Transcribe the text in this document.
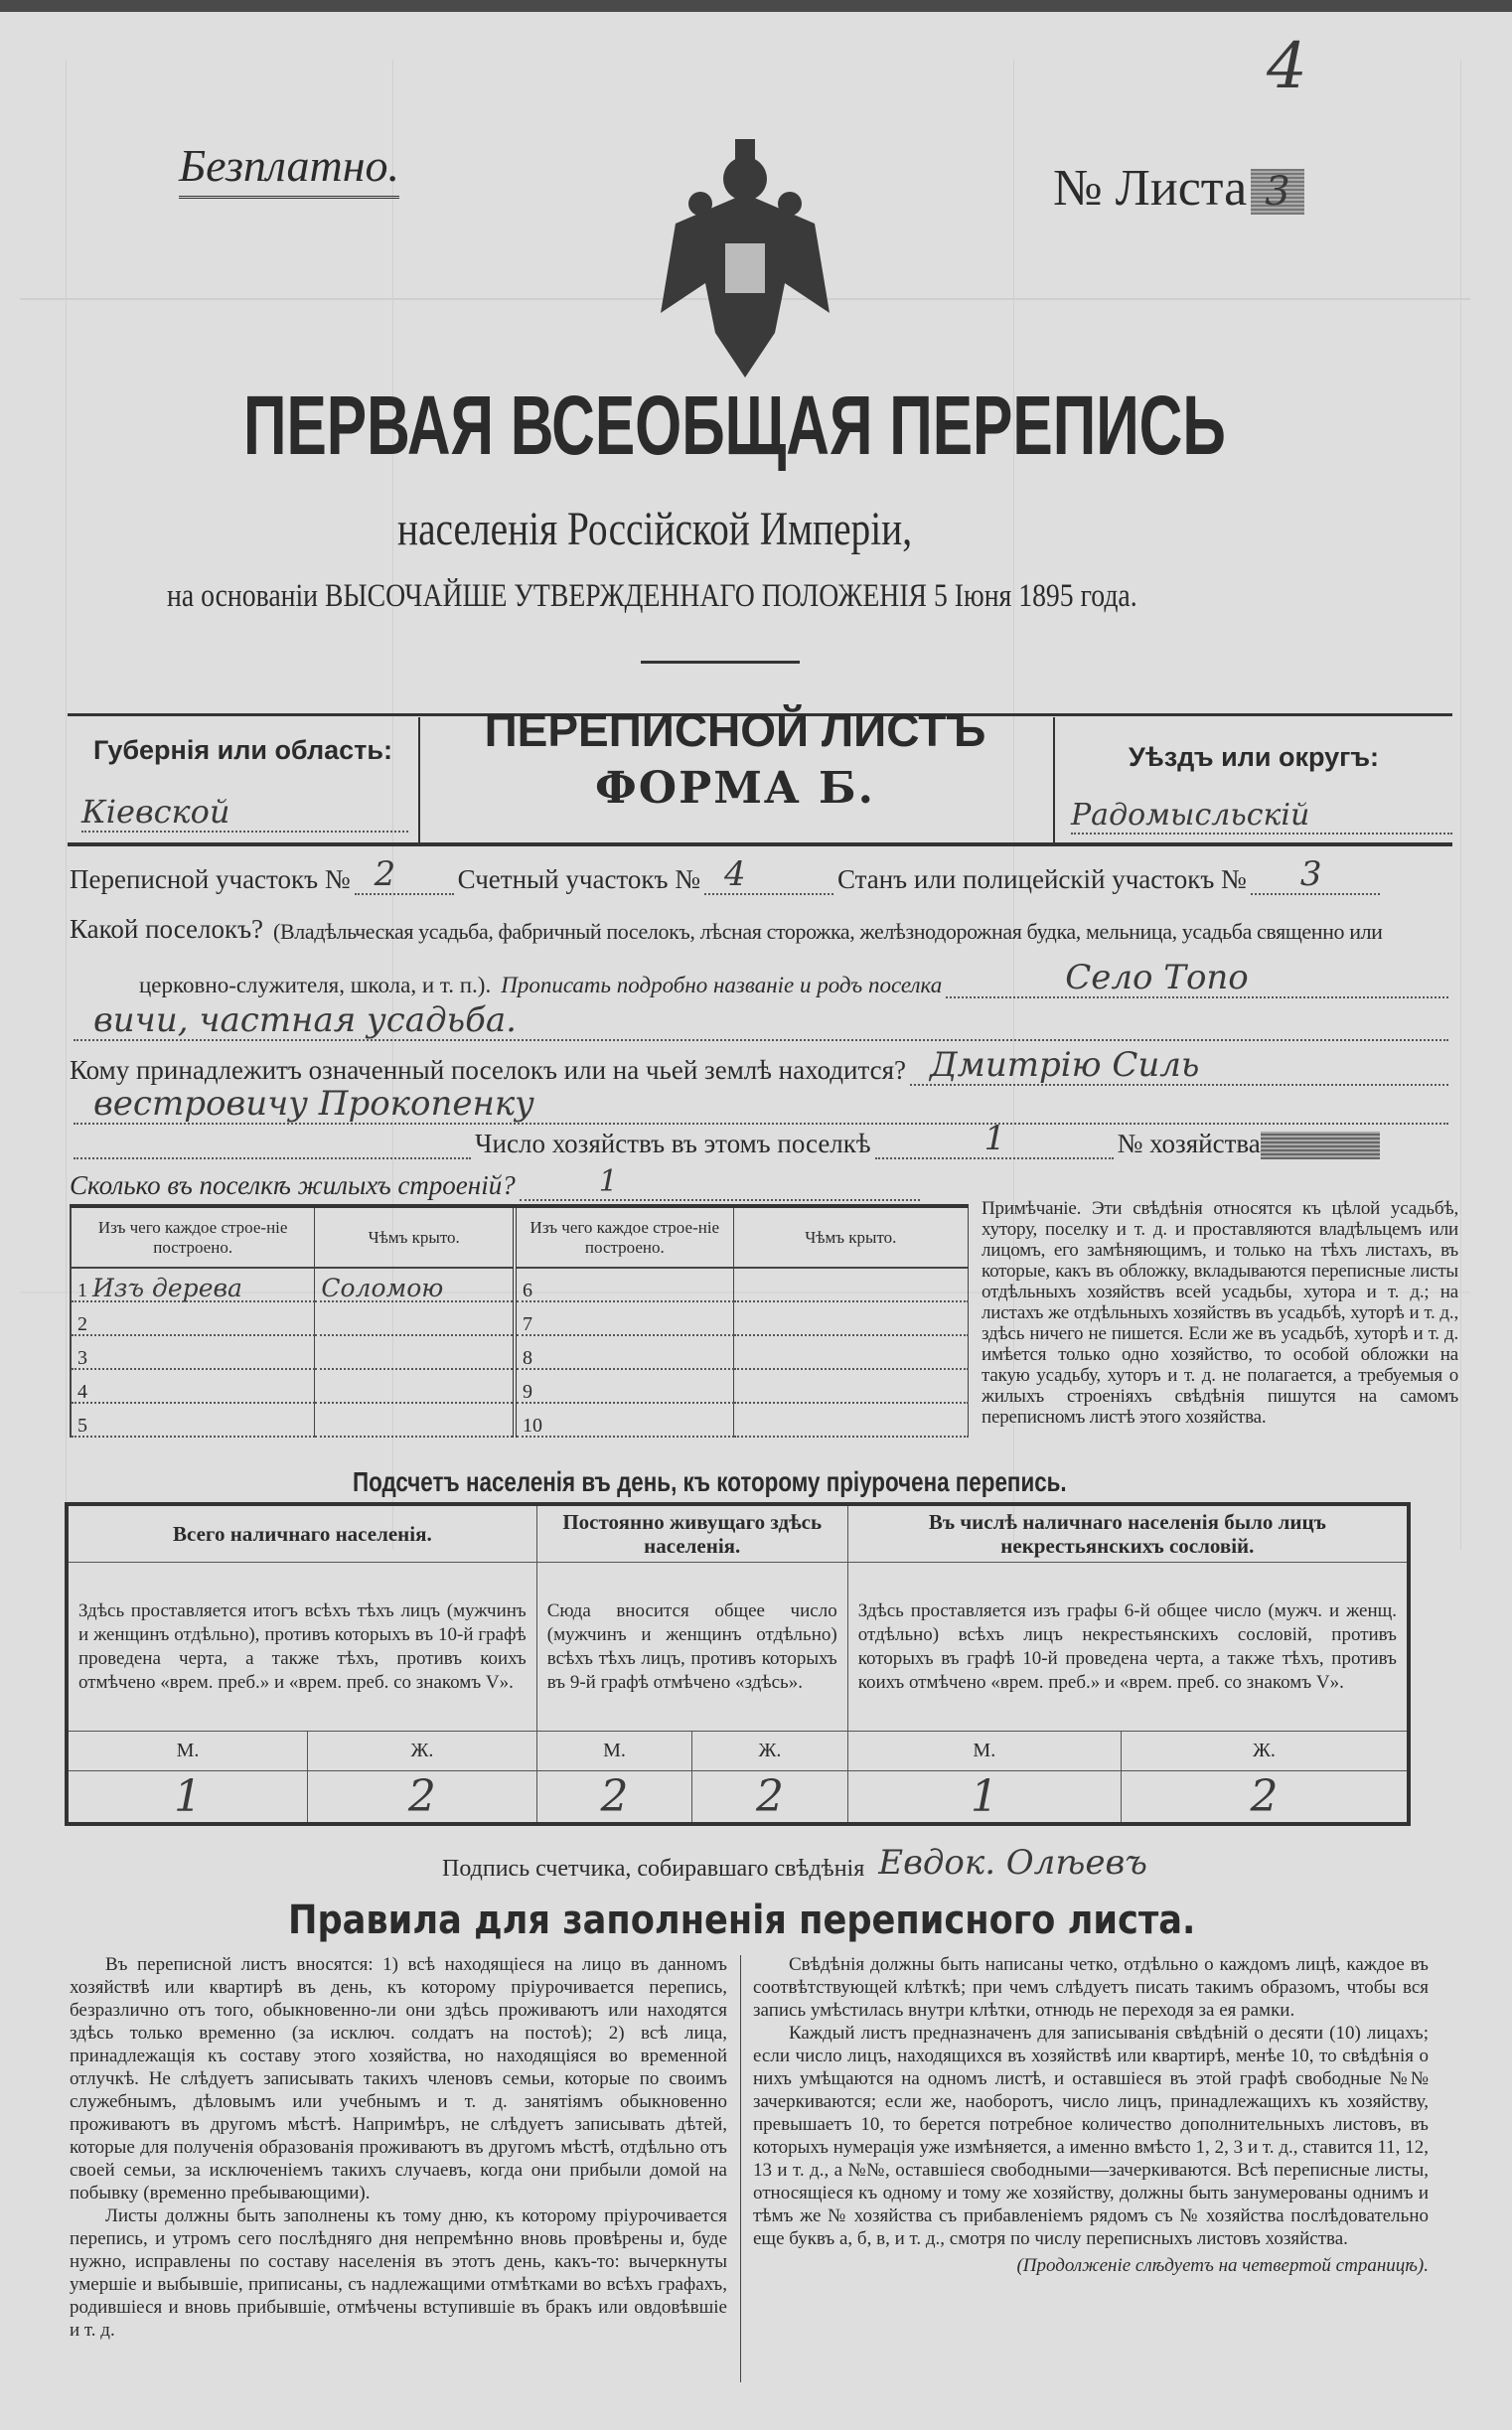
4
Безплатно.	№ Листа 3
ПЕРВАЯ ВСЕОБЩАЯ ПЕРЕПИСЬ
населенія Россійской Имперіи,
на основаніи ВЫСОЧАЙШЕ УТВЕРЖДЕННАГО ПОЛОЖЕНІЯ 5 Іюня 1895 года.
Губернія или область:
Кіевской
ПЕРЕПИСНОЙ ЛИСТЪ
ФОРМА Б.
Уѣздъ или округъ:
Радомысльскій
Переписной участокъ № 2 Счетный участокъ № 4	Станъ или полицейскій участокъ № 3
Какой поселокъ? (Владѣльческая усадьба, фабричный поселокъ, лѣсная сторожка, желѣзнодорожная будка, мельница, усадьба священно или
церковно-служителя, школа, и т. п.). Прописать подробно названіе и родъ поселка	Село Топо
вичи, частная усадьба.
Кому принадлежитъ означенный поселокъ или на чьей землѣ находится? Дмитрію Силь
вестровичу Прокопенку
Число хозяйствъ въ этомъ поселкѣ	1	№ хозяйства
Сколько въ поселкѣ жилыхъ строеній?	1
Изъ чего каждое строе-ніе построено.	Чѣмъ крыто.
1 Изъ дерева	Соломою
2	
3	
4	
5	
Изъ чего каждое строе-ніе построено.	Чѣмъ крыто.
6	
7	
8	
9	
10	
Примѣчаніе. Эти свѣдѣнія относятся къ цѣлой усадьбѣ, хутору, поселку и т. д. и проставляются владѣльцемъ или лицомъ, его замѣняющимъ, и только на тѣхъ листахъ, въ которые, какъ въ обложку, вкладываются переписные листы отдѣльныхъ хозяйствъ всей усадьбы, хутора и т. д.; на листахъ же отдѣльныхъ хозяйствъ въ усадьбѣ, хуторѣ и т. д., здѣсь ничего не пишется. Если же въ усадьбѣ, хуторѣ и т. д. имѣется только одно хозяйство, то особой обложки на такую усадьбу, хуторъ и т. д. не полагается, а требуемыя о жилыхъ строеніяхъ свѣдѣнія пишутся на самомъ переписномъ листѣ этого хозяйства.
Подсчетъ населенія въ день, къ которому пріурочена перепись.
Всего наличнаго населенія.		Постоянно живущаго здѣсь населенія.		Въ числѣ наличнаго населенія было лицъ некрестьянскихъ сословій.	
Здѣсь проставляется итогъ всѣхъ тѣхъ лицъ (мужчинъ и женщинъ отдѣльно), противъ которыхъ въ 10-й графѣ проведена черта, а также тѣхъ, противъ коихъ отмѣчено «врем. преб.» и «врем. преб. со знакомъ V».		Сюда вносится общее число (мужчинъ и женщинъ отдѣльно) всѣхъ тѣхъ лицъ, противъ которыхъ въ 9-й графѣ отмѣчено «здѣсь».		Здѣсь проставляется изъ графы 6-й общее число (мужч. и женщ. отдѣльно) всѣхъ лицъ некрестьянскихъ сословій, противъ которыхъ въ графѣ 10-й проведена черта, а также тѣхъ, противъ коихъ отмѣчено «врем. преб.» и «врем. преб. со знакомъ V».	
М.	Ж.	М.	Ж.	М.	Ж.
1	2	2	2	1	2
Подпись счетчика, собиравшаго свѣдѣнія Евдок. Олѣевъ
Правила для заполненія переписного листа.

Въ переписной листъ вносятся: 1) всѣ находящіеся на лицо въ данномъ хозяйствѣ или квартирѣ въ день, къ которому пріурочивается перепись, безразлично отъ того, обыкновенно-ли они здѣсь проживаютъ или находятся здѣсь только временно (за исключ. солдатъ на постоѣ); 2) всѣ лица, принадлежащія къ составу этого хозяйства, но находящіяся во временной отлучкѣ. Не слѣдуетъ записывать такихъ членовъ семьи, которые по своимъ служебнымъ, дѣловымъ или учебнымъ и т. д. занятіямъ обыкновенно проживаютъ въ другомъ мѣстѣ. Напримѣръ, не слѣдуетъ записывать дѣтей, которые для полученія образованія проживаютъ въ другомъ мѣстѣ, отдѣльно отъ своей семьи, за исключеніемъ такихъ случаевъ, когда они прибыли домой на побывку (временно пребывающими).

Листы должны быть заполнены къ тому дню, къ которому пріурочивается перепись, и утромъ сего послѣдняго дня непремѣнно вновь провѣрены и, буде нужно, исправлены по составу населенія въ этотъ день, какъ-то: вычеркнуты умершіе и выбывшіе, приписаны, съ надлежащими отмѣтками во всѣхъ графахъ, родившіеся и вновь прибывшіе, отмѣчены вступившіе въ бракъ или овдовѣвшіе и т. д.

Свѣдѣнія должны быть написаны четко, отдѣльно о каждомъ лицѣ, каждое въ соотвѣтствующей клѣткѣ; при чемъ слѣдуетъ писать такимъ образомъ, чтобы вся запись умѣстилась внутри клѣтки, отнюдь не переходя за ея рамки.

Каждый листъ предназначенъ для записыванія свѣдѣній о десяти (10) лицахъ; если число лицъ, находящихся въ хозяйствѣ или квартирѣ, менѣе 10, то свѣдѣнія о нихъ умѣщаются на одномъ листѣ, и оставшіеся въ этой графѣ свободные №№ зачеркиваются; если же, наоборотъ, число лицъ, принадлежащихъ къ хозяйству, превышаетъ 10, то берется потребное количество дополнительныхъ листовъ, въ которыхъ нумерація уже измѣняется, а именно вмѣсто 1, 2, 3 и т. д., ставится 11, 12, 13 и т. д., а №№, оставшіеся свободными—зачеркиваются. Всѣ переписные листы, относящіеся къ одному и тому же хозяйству, должны быть занумерованы однимъ и тѣмъ же № хозяйства съ прибавленіемъ рядомъ съ № хозяйства послѣдовательно еще буквъ а, б, в, и т. д., смотря по числу переписныхъ листовъ хозяйства.

(Продолженіе слѣдуетъ на четвертой страницѣ).
